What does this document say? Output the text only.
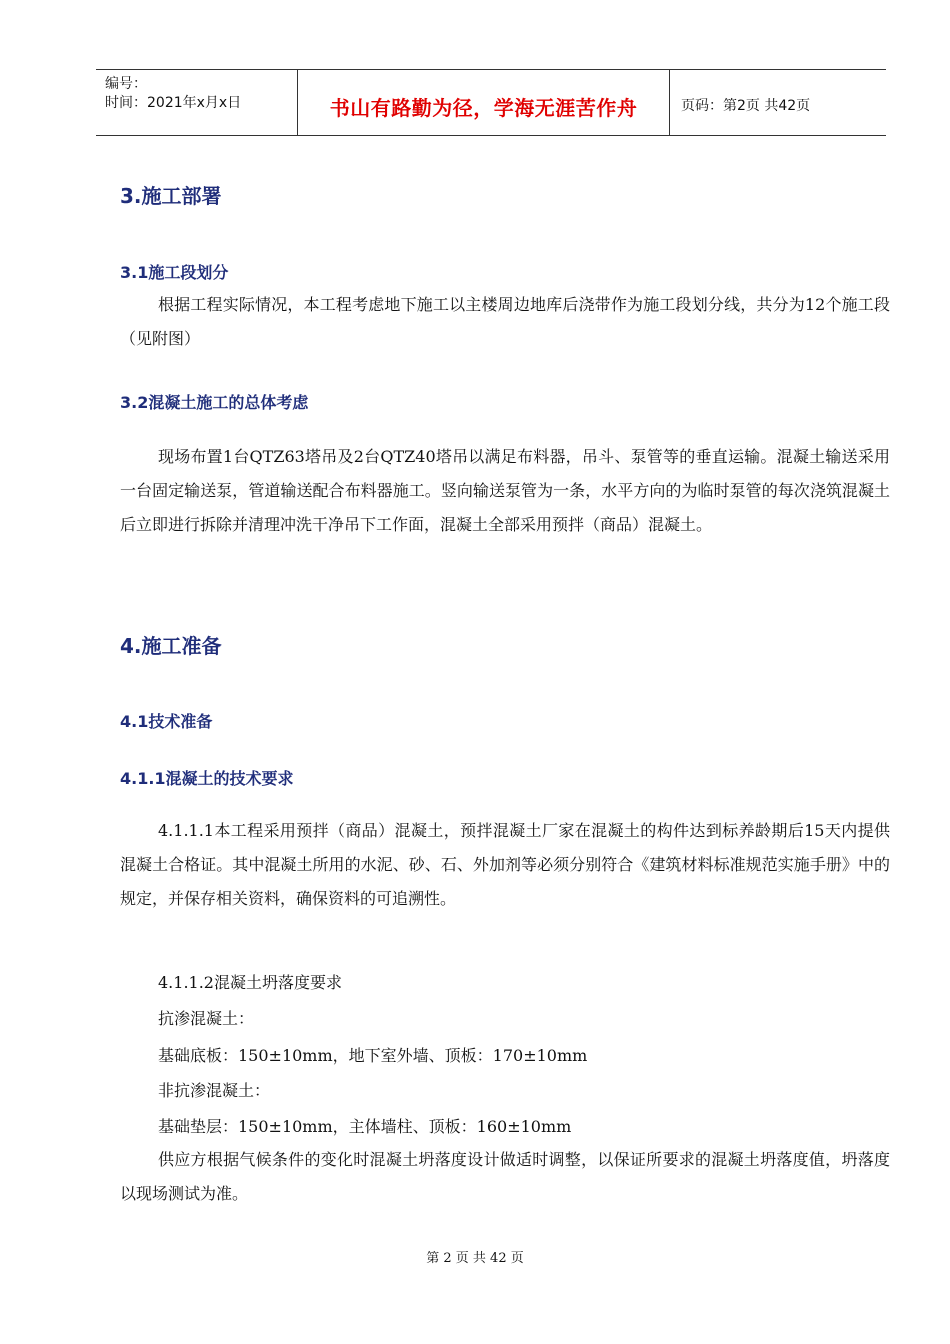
编号：
时间：2021年x月x日	书山有路勤为径，学海无涯苦作舟	页码：第2页 共42页
3.施工部署
3.1施工段划分
根据工程实际情况，本工程考虑地下施工以主楼周边地库后浇带作为施工段划分线，共分为12个施工段（见附图）
3.2混凝土施工的总体考虑
现场布置1台QTZ63塔吊及2台QTZ40塔吊以满足布料器，吊斗、泵管等的垂直运输。混凝土输送采用一台固定输送泵，管道输送配合布料器施工。竖向输送泵管为一条，水平方向的为临时泵管的每次浇筑混凝土后立即进行拆除并清理冲洗干净吊下工作面，混凝土全部采用预拌（商品）混凝土。
4.施工准备
4.1技术准备
4.1.1混凝土的技术要求
4.1.1.1本工程采用预拌（商品）混凝土，预拌混凝土厂家在混凝土的构件达到标养龄期后15天内提供混凝土合格证。其中混凝土所用的水泥、砂、石、外加剂等必须分别符合《建筑材料标准规范实施手册》中的规定，并保存相关资料，确保资料的可追溯性。
4.1.1.2混凝土坍落度要求
抗渗混凝土：
基础底板：150±10mm，地下室外墙、顶板：170±10mm
非抗渗混凝土：
基础垫层：150±10mm，主体墙柱、顶板：160±10mm
供应方根据气候条件的变化时混凝土坍落度设计做适时调整，以保证所要求的混凝土坍落度值，坍落度以现场测试为准。
第 2 页 共 42 页
